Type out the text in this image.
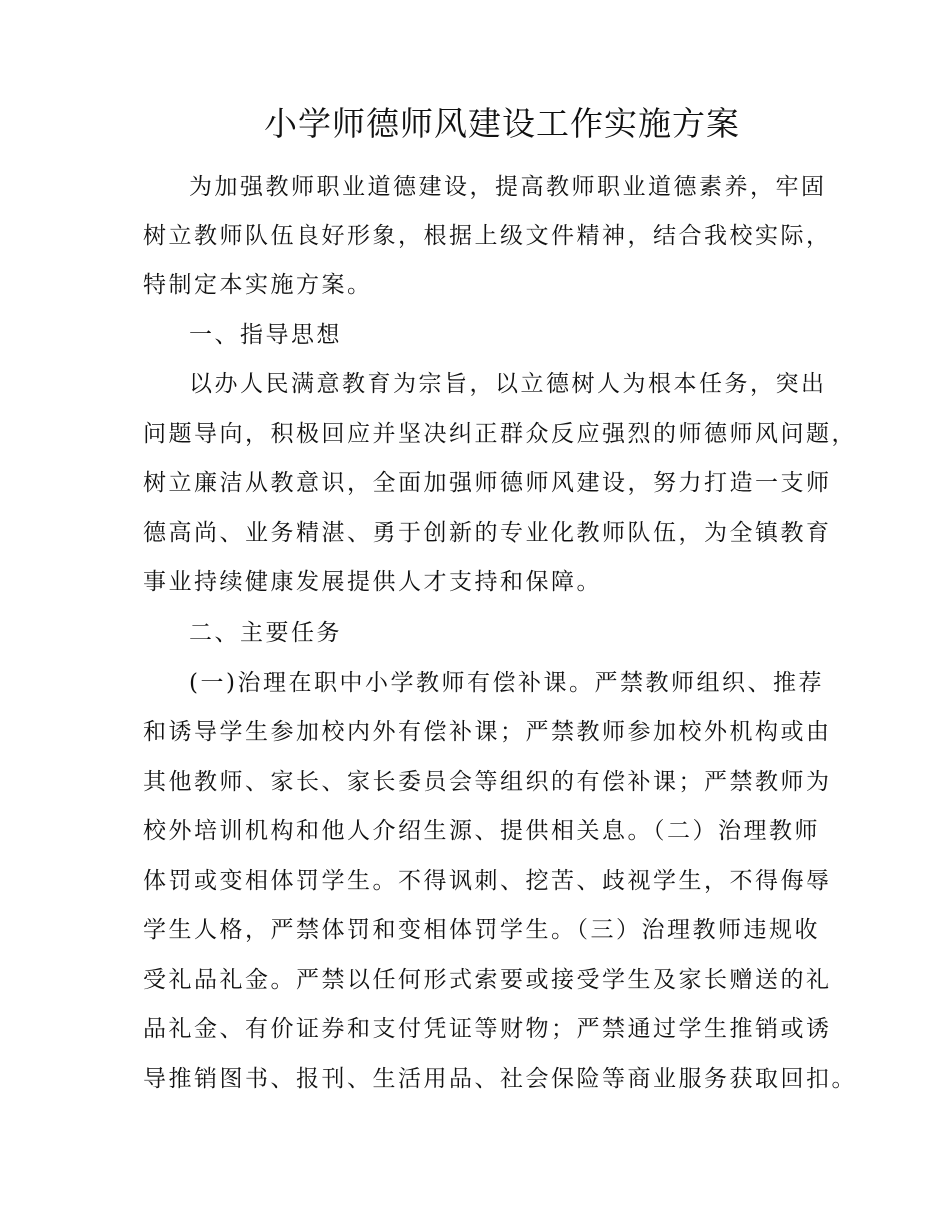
小学师德师风建设工作实施方案
为加强教师职业道德建设，提高教师职业道德素养，牢固
树立教师队伍良好形象，根据上级文件精神，结合我校实际，
特制定本实施方案。
一、指导思想
以办人民满意教育为宗旨，以立德树人为根本任务，突出
问题导向，积极回应并坚决纠正群众反应强烈的师德师风问题，
树立廉洁从教意识，全面加强师德师风建设，努力打造一支师
德高尚、业务精湛、勇于创新的专业化教师队伍，为全镇教育
事业持续健康发展提供人才支持和保障。
二、主要任务
(一)治理在职中小学教师有偿补课。严禁教师组织、推荐
和诱导学生参加校内外有偿补课；严禁教师参加校外机构或由
其他教师、家长、家长委员会等组织的有偿补课；严禁教师为
校外培训机构和他人介绍生源、提供相关息。（二）治理教师
体罚或变相体罚学生。不得讽刺、挖苦、歧视学生，不得侮辱
学生人格，严禁体罚和变相体罚学生。（三）治理教师违规收
受礼品礼金。严禁以任何形式索要或接受学生及家长赠送的礼
品礼金、有价证券和支付凭证等财物；严禁通过学生推销或诱
导推销图书、报刊、生活用品、社会保险等商业服务获取回扣。
